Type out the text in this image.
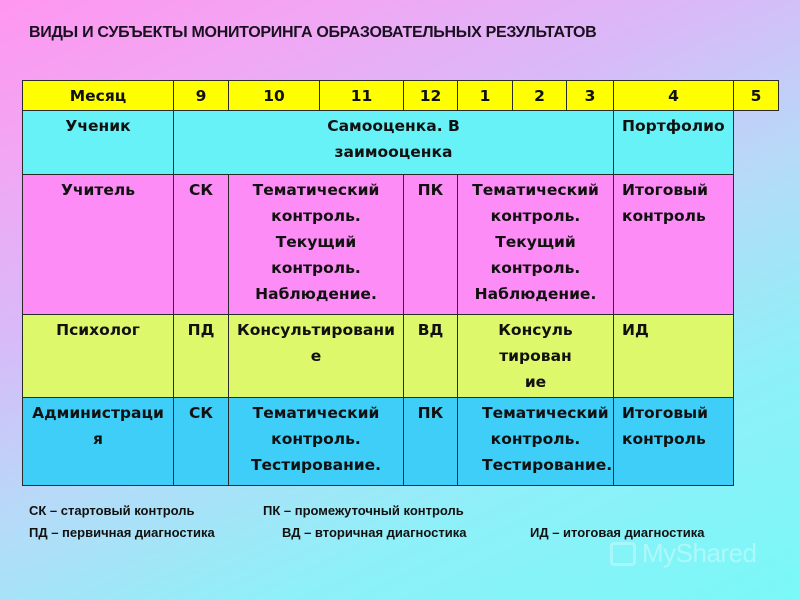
ВИДЫ И СУБЪЕКТЫ МОНИТОРИНГА ОБРАЗОВАТЕЛЬНЫХ РЕЗУЛЬТАТОВ
Месяц	9	10	11	12	1	2	3	4	5
Ученик	Самооценка. Взаимооценка							Портфолио	
Учитель	СК	Тематический контроль. Текущий контроль. Наблюдение.		ПК	Тематический контроль. Текущий контроль. Наблюдение.			Итоговый контроль	
Психолог	ПД	Консультирование		ВД	Консультирование			ИД	
Администрация	СК	Тематический контроль. Тестирование.		ПК	Тематический контроль. Тестирование.			Итоговый контроль	

СК – стартовый контроль

	ПК – промежуточный контроль

ПД – первичная диагностика

	ВД – вторичная диагностика

	ИД – итоговая диагностика

MyShared
